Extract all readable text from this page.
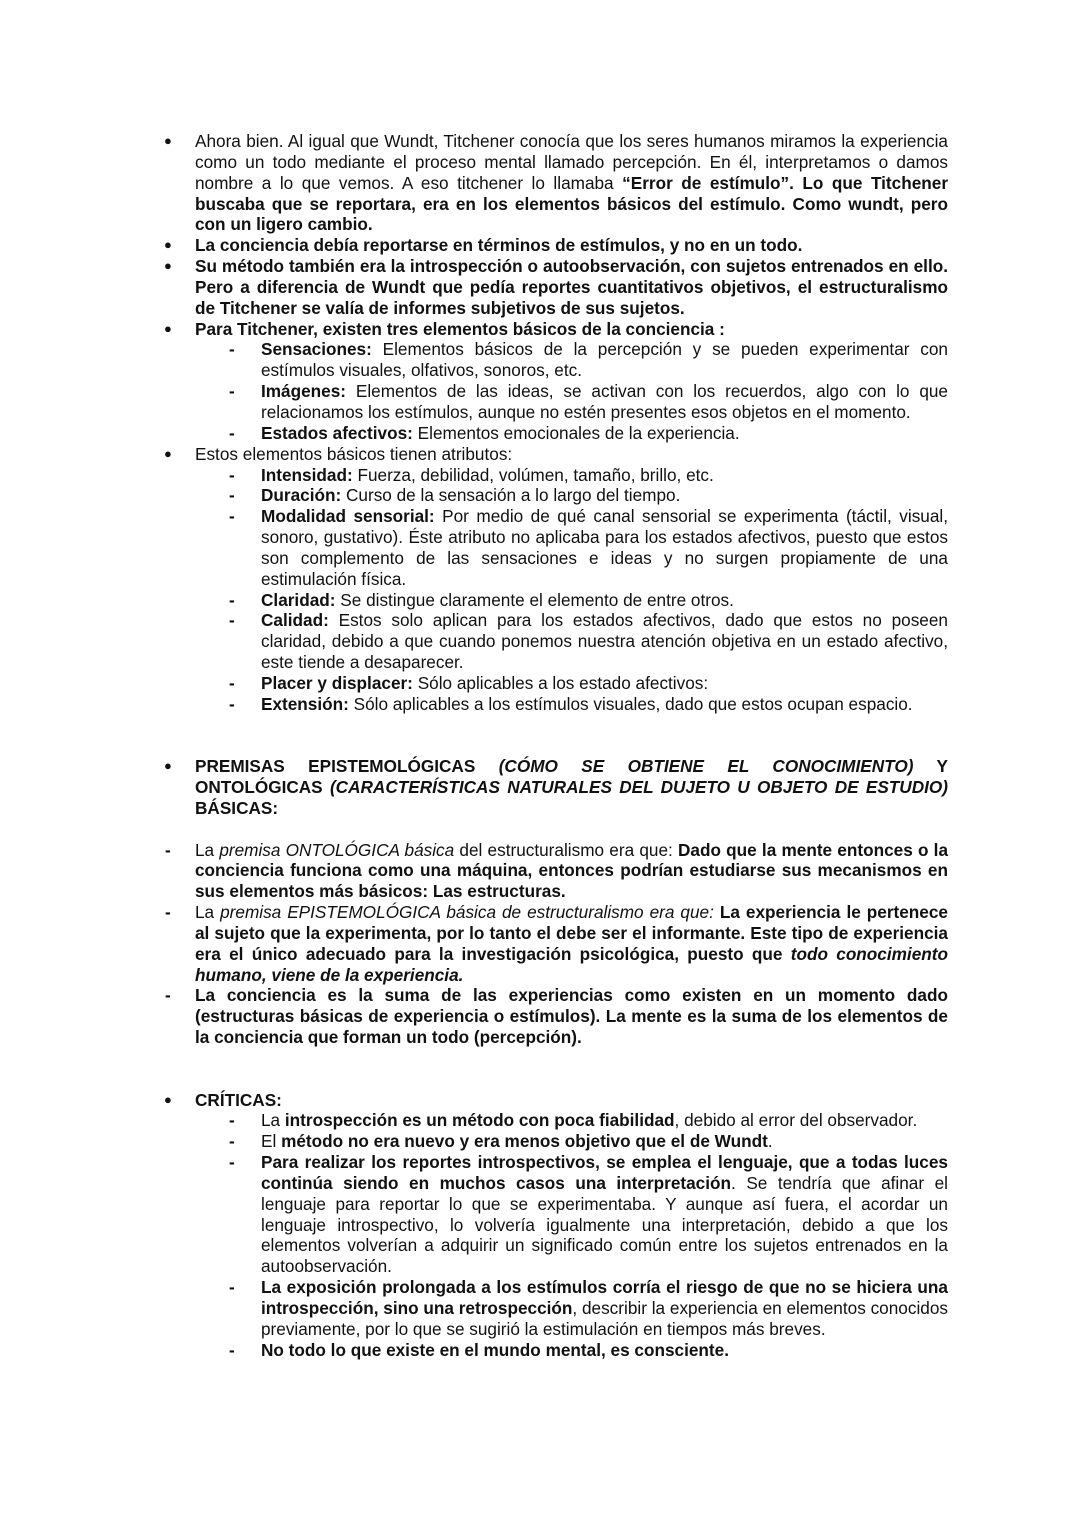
● Ahora bien. Al igual que Wundt, Titchener conocía que los seres humanos miramos la experiencia como un todo mediante el proceso mental llamado percepción. En él, interpretamos o damos nombre a lo que vemos. A eso titchener lo llamaba “Error de estímulo”. Lo que Titchener buscaba que se reportara, era en los elementos básicos del estímulo. Como wundt, pero con un ligero cambio.
● La conciencia debía reportarse en términos de estímulos, y no en un todo.
● Su método también era la introspección o autoobservación, con sujetos entrenados en ello. Pero a diferencia de Wundt que pedía reportes cuantitativos objetivos, el estructuralismo de Titchener se valía de informes subjetivos de sus sujetos.
● Para Titchener, existen tres elementos básicos de la conciencia :
- Sensaciones: Elementos básicos de la percepción y se pueden experimentar con estímulos visuales, olfativos, sonoros, etc.
- Imágenes: Elementos de las ideas, se activan con los recuerdos, algo con lo que relacionamos los estímulos, aunque no estén presentes esos objetos en el momento.
- Estados afectivos: Elementos emocionales de la experiencia.
● Estos elementos básicos tienen atributos:
- Intensidad: Fuerza, debilidad, volúmen, tamaño, brillo, etc.
- Duración: Curso de la sensación a lo largo del tiempo.
- Modalidad sensorial: Por medio de qué canal sensorial se experimenta (táctil, visual, sonoro, gustativo). Éste atributo no aplicaba para los estados afectivos, puesto que estos son complemento de las sensaciones e ideas y no surgen propiamente de una estimulación física.
- Claridad: Se distingue claramente el elemento de entre otros.
- Calidad: Estos solo aplican para los estados afectivos, dado que estos no poseen claridad, debido a que cuando ponemos nuestra atención objetiva en un estado afectivo, este tiende a desaparecer.
- Placer y displacer: Sólo aplicables a los estado afectivos:
- Extensión: Sólo aplicables a los estímulos visuales, dado que estos ocupan espacio.
● PREMISAS EPISTEMOLÓGICAS (CÓMO SE OBTIENE EL CONOCIMIENTO) Y ONTOLÓGICAS (CARACTERÍSTICAS NATURALES DEL DUJETO U OBJETO DE ESTUDIO) BÁSICAS:
- La premisa ONTOLÓGICA básica del estructuralismo era que: Dado que la mente entonces o la conciencia funciona como una máquina, entonces podrían estudiarse sus mecanismos en sus elementos más básicos: Las estructuras.
- La premisa EPISTEMOLÓGICA básica de estructuralismo era que: La experiencia le pertenece al sujeto que la experimenta, por lo tanto el debe ser el informante. Este tipo de experiencia era el único adecuado para la investigación psicológica, puesto que todo conocimiento humano, viene de la experiencia.
- La conciencia es la suma de las experiencias como existen en un momento dado (estructuras básicas de experiencia o estímulos). La mente es la suma de los elementos de la conciencia que forman un todo (percepción).
● CRÍTICAS:
- La introspección es un método con poca fiabilidad, debido al error del observador.
- El método no era nuevo y era menos objetivo que el de Wundt.
- Para realizar los reportes introspectivos, se emplea el lenguaje, que a todas luces continúa siendo en muchos casos una interpretación. Se tendría que afinar el lenguaje para reportar lo que se experimentaba. Y aunque así fuera, el acordar un lenguaje introspectivo, lo volvería igualmente una interpretación, debido a que los elementos volverían a adquirir un significado común entre los sujetos entrenados en la autoobservación.
- La exposición prolongada a los estímulos corría el riesgo de que no se hiciera una introspección, sino una retrospección, describir la experiencia en elementos conocidos previamente, por lo que se sugirió la estimulación en tiempos más breves.
- No todo lo que existe en el mundo mental, es consciente.
